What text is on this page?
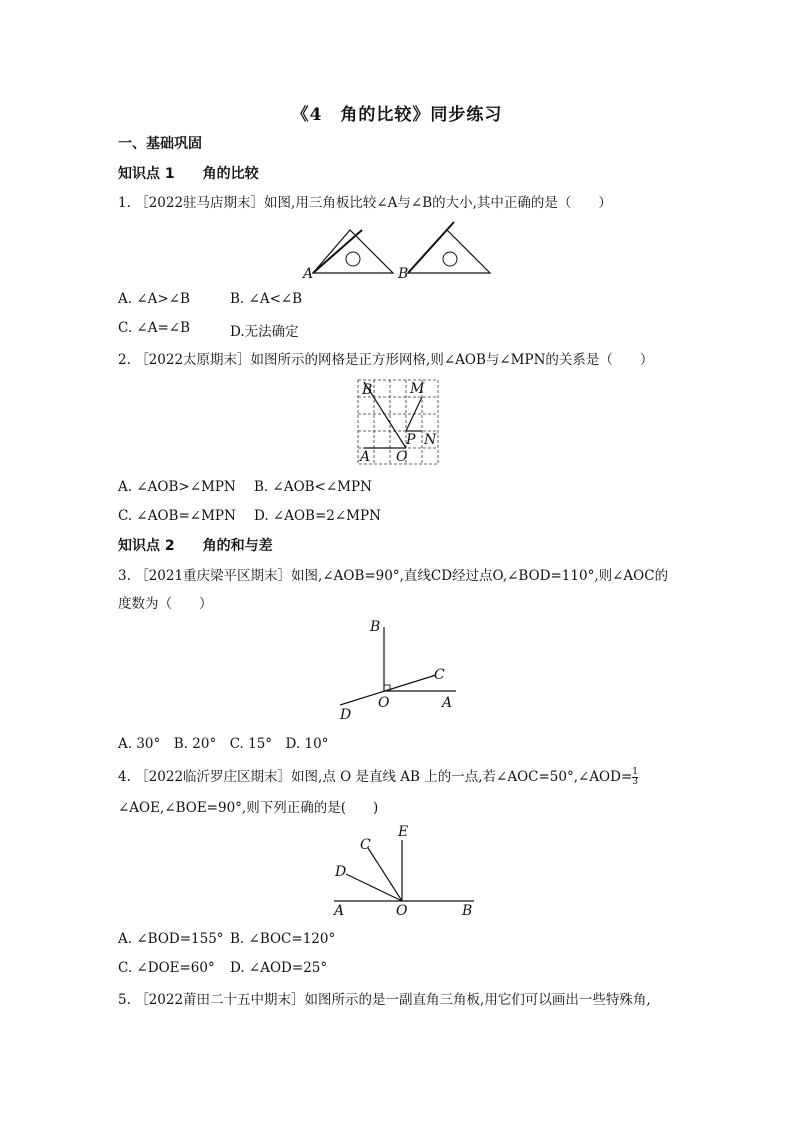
《4　角的比较》同步练习
一、基础巩固
知识点 1　　角的比较
1. ［2022驻马店期末］如图,用三角板比较∠A与∠B的大小,其中正确的是（　　）
A	B
A. ∠A>∠B	B. ∠A<∠B
C. ∠A=∠B	D.无法确定
2. ［2022太原期末］如图所示的网格是正方形网格,则∠AOB与∠MPN的关系是（　　）
B	M
P N
A O
A. ∠AOB>∠MPN B. ∠AOB<∠MPN
C. ∠AOB=∠MPN D. ∠AOB=2∠MPN
知识点 2　　角的和与差
3. ［2021重庆梁平区期末］如图,∠AOB=90°,直线CD经过点O,∠BOD=110°,则∠AOC的
度数为（　　）
B
C
O	A
D
A. 30°　B. 20°　C. 15°　D. 10°
4. ［2022临沂罗庄区期末］如图,点 O 是直线 AB 上的一点,若∠AOC=50°,∠AOD= $\frac{1}{3}$
∠AOE,∠BOE=90°,则下列正确的是(　　)
E
C
D
A	O	B
A. ∠BOD=155° B. ∠BOC=120°
C. ∠DOE=60° D. ∠AOD=25°
5. ［2022莆田二十五中期末］如图所示的是一副直角三角板,用它们可以画出一些特殊角,
